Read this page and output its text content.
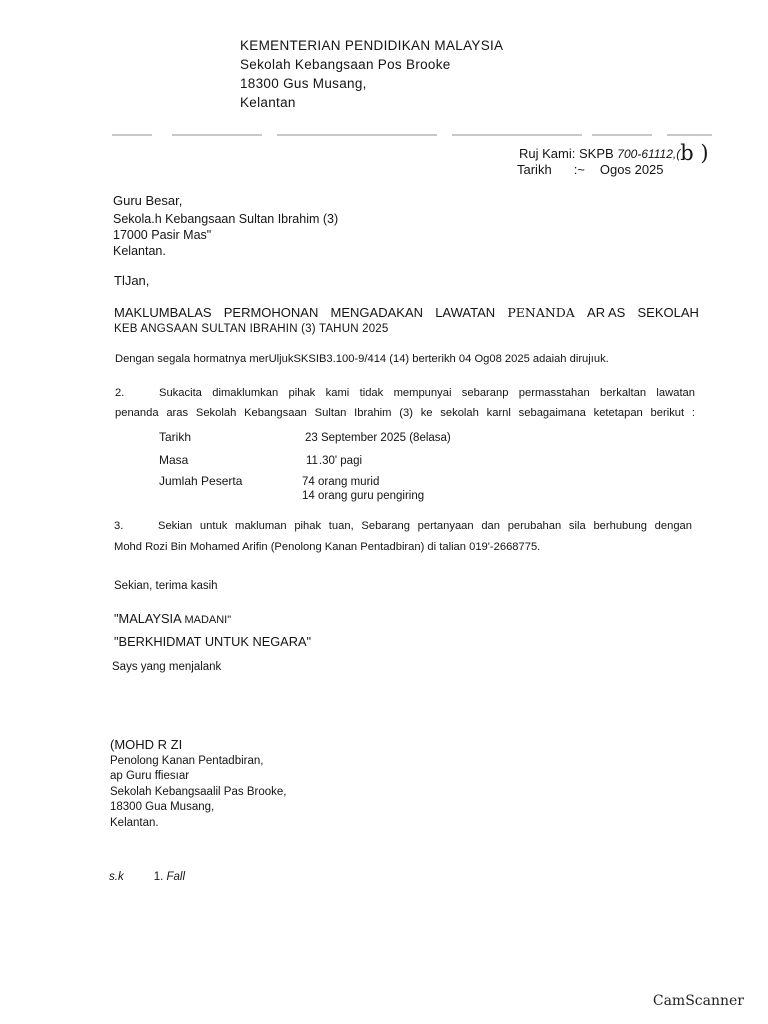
KEMENTERIAN PENDIDIKAN MALAYSIA
Sekolah Kebangsaan Pos Brooke
18300 Gus Musang,
Kelantan
Ruj Kami: SKPB 700-61112,(b )
Tarikh :~ Ogos 2025
Guru Besar,
Sekola.h Kebangsaan Sultan Ibrahim (3)
17000 Pasir Mas"
Kelantan.
TlJan,
MAKLUMBALAS PERMOHONAN MENGADAKAN LAWATAN PENANDA AR AS SEKOLAH
KEB ANGSAAN SULTAN IBRAHIN (3) TAHUN 2025
Dengan segala hormatnya merUljukSKSIB3.100-9/414 (14) berterikh 04 Og08 2025 adaiah dirujıuk.
2.	Sukacita dimaklumkan pihak kami tidak mempunyai sebaranp permasstahan berkaltan lawatan
penanda aras Sekolah Kebangsaan Sultan Ibrahim (3) ke sekolah karnl sebagaimana ketetapan berikut :
Tarikh	23 September 2025 (8elasa)
Masa	11 .30' pagi
Jumlah Peserta	74 orang murid
14 orang guru pengiring
3.	Sekian untuk makluman pihak tuan, Sebarang pertanyaan dan perubahan sila berhubung dengan
Mohd Rozi Bin Mohamed Arifin (Penolong Kanan Pentadbiran) di talian 019'-2668775.
Sekian, terima kasih
"MALAYSIA MADANI"
"BERKHIDMAT UNTUK NEGARA"
Says yang menjalank
(MOHD R ZI
Penolong Kanan Pentadbiran,
ap Guru ffiesıar
Sekolah Kebangsaalil Pas Brooke,
18300 Gua Musang,
Kelantan.
s.k	1. Fall
CamScanner
